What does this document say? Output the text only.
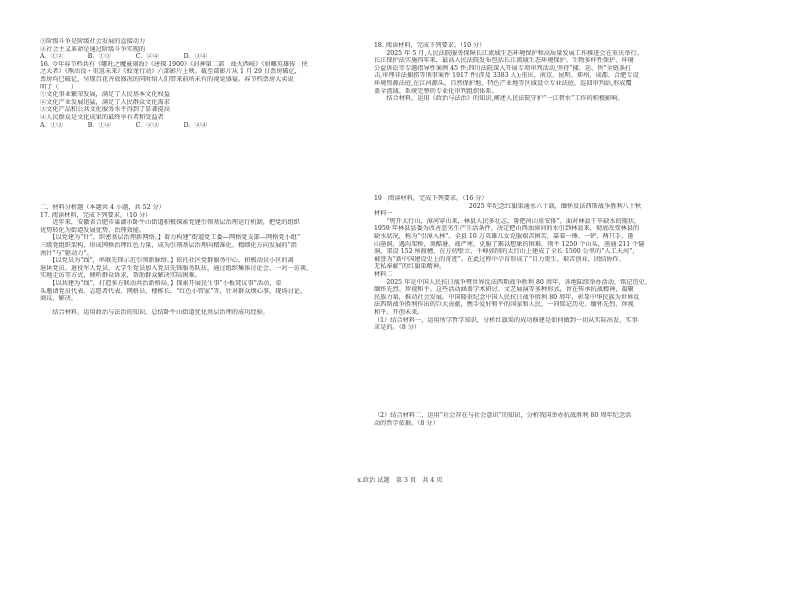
③阶级斗争是阶级社会发展的直接动力
④社会主义革命是通过阶级斗争实现的
A．①②　　　　B．①③　　　　C．②④　　　　D．③④
16. 今年春节档共有《哪吒之魔童闹海》《唐探 1900》《封神第二部　战火西岐》《射雕英雄传　侠
之大者》《熊出没・重返未来》《蛟龙行动》六部影片上映。截至部影片从 1 月 29 日票房破亿，
票房均已破亿，呈现百花齐放盛况的同时给人们带来前所未有的视觉盛宴。春节档票房大卖说
明了（　　）
①文化事业繁荣发展，满足了人民基本文化权益
②文化产业发展迅猛，满足了人民群众文化需求
③文化产品和公共文化服务水平得到了显著提高
④人民群众是文化成果的最终享有者和受益者
A．①③　　　　B．①④　　　　C．②③　　　　D．②④
二、材料分析题（本题共 4 小题，共 52 分）
17. 阅读材料，完成下列要求。（10 分）
　　近年来，安徽省合肥市巢湖市卧牛山街道积极探索党建引领基层治理运行机制，把党的组织
优势转化为街道发展优势、治理效能。
　　【以党建为“针”，织密基层治理新网络。】着力构建“街道党工委—网格党支部—网格党小组”
三级党组织架构，形成网格治理红色力量，成为引领基层治理向精准化、精细化方向发展的“指
南针”与“驱动力”。
　　【以党员为“线”，串联先锋示范引领新脉络。】依托社区党群服务中心，积极动员小区的离
退休党员、退役军人党员、大学生党员加入党员先锋服务队伍，通过组织集体讨论会、一对一访谈、
实地走访等方式，倾听群众诉求，帮助群众解决实际困难。
　　【以共建为“线”，打造多方联动共治新格局。】探索开展民生事“小板凳议事”活动，牵
头邀请党员代表、志愿者代表、网格员、楼栋长、“红色小管家”等，针对群众烦心事，现场讨论、
商议、解决。
　　结合材料，运用政治与法治的知识，总结卧牛山街道优化基层治理的成功经验。
18. 阅读材料，完成下列要求。（10 分）
　　2025 年 5 月,人民法院服务保障长江流域生态环境保护和高质量发展工作推进会在重庆举行。
长江保护法实施四年来，最高人民法院发布包括长江流域生态环境保护、生物多样性保护、环境
公益诉讼等专题指导性案例 45 件;四川法院深入开展专项审判活动,坚持“捕、运、售”全链条打
击,审理非法捕捞等刑事案件 1917 件(涉及 3383 人);重庆、南京、昆明、郑州、成都、合肥专设
环境资源法庭,在江河源头、自然保护地、特色产业地等区域设立专业法庭，巡回审判站,形成覆
盖全流域、系统完整的专业化审判组织体系。
　　结合材料，运用《政治与法治》的知识,阐述人民法院守护“一江碧水”工作的积极影响。
19　阅读材料，完成下列要求。（16 分）
2025 年纪念红旗渠通水六十载，缅怀反法西斯战争胜利八十秋
材料一
　　“劈开太行山，漳河穿山来，林县人民多壮志，誓把河山重安排”。面对林县干旱缺水的现状，
1959 年林县县委为改善恶劣生产生活条件，决定把山西浊漳河的水引到林县来，彻底改变林县的
缺水状况，称为“引漳入林”。全县 10 万英雄儿女克服艰苦困苦，靠着一锤、一铲、两只手，逢
山凿洞，遇沟架桥，顶酷暑，战严寒，克服了难以想象的困难，削平 1250 个山头，凿通 211 个隧
洞，架设 152 座渡槽，在万仞壁立、千峰如削的太行山上建成了全长 1500 公里的“人工天河”，
被誉为“新中国建设史上的奇迹”。在此过程中孕育形成了“自力更生、艰苦创业、团结协作、
无私奉献”的红旗渠精神。
材料二
　　2025 年是中国人民抗日战争暨世界反法西斯战争胜利 80 周年，各地陆续举办活动，铭记历史、
缅怀先烈、珍视和平。这些活动涵盖学术研讨、文艺展演等多种形式，旨在传承抗战精神，凝聚
民族力量，推动社会发展。中国隆重纪念中国人民抗日战争胜利 80 周年，彰显中华民族为世界反
法西斯战争胜利作出的巨大贡献，携手爱好和平的国家和人民，一同铭记历史、缅怀先烈、珍视
和平、开创未来。
（1）结合材料一，运用所学哲学知识，分析红旗渠的成功修建是如何做到一切从实际出发，实事
求是的。（8 分）
（2）结合材料二，运用“社会存在与社会意识”的知识，分析我国举办抗战胜利 80 周年纪念活
动的哲学依据。（8 分）
x.政治 试题　第 3 页　共 4 页
